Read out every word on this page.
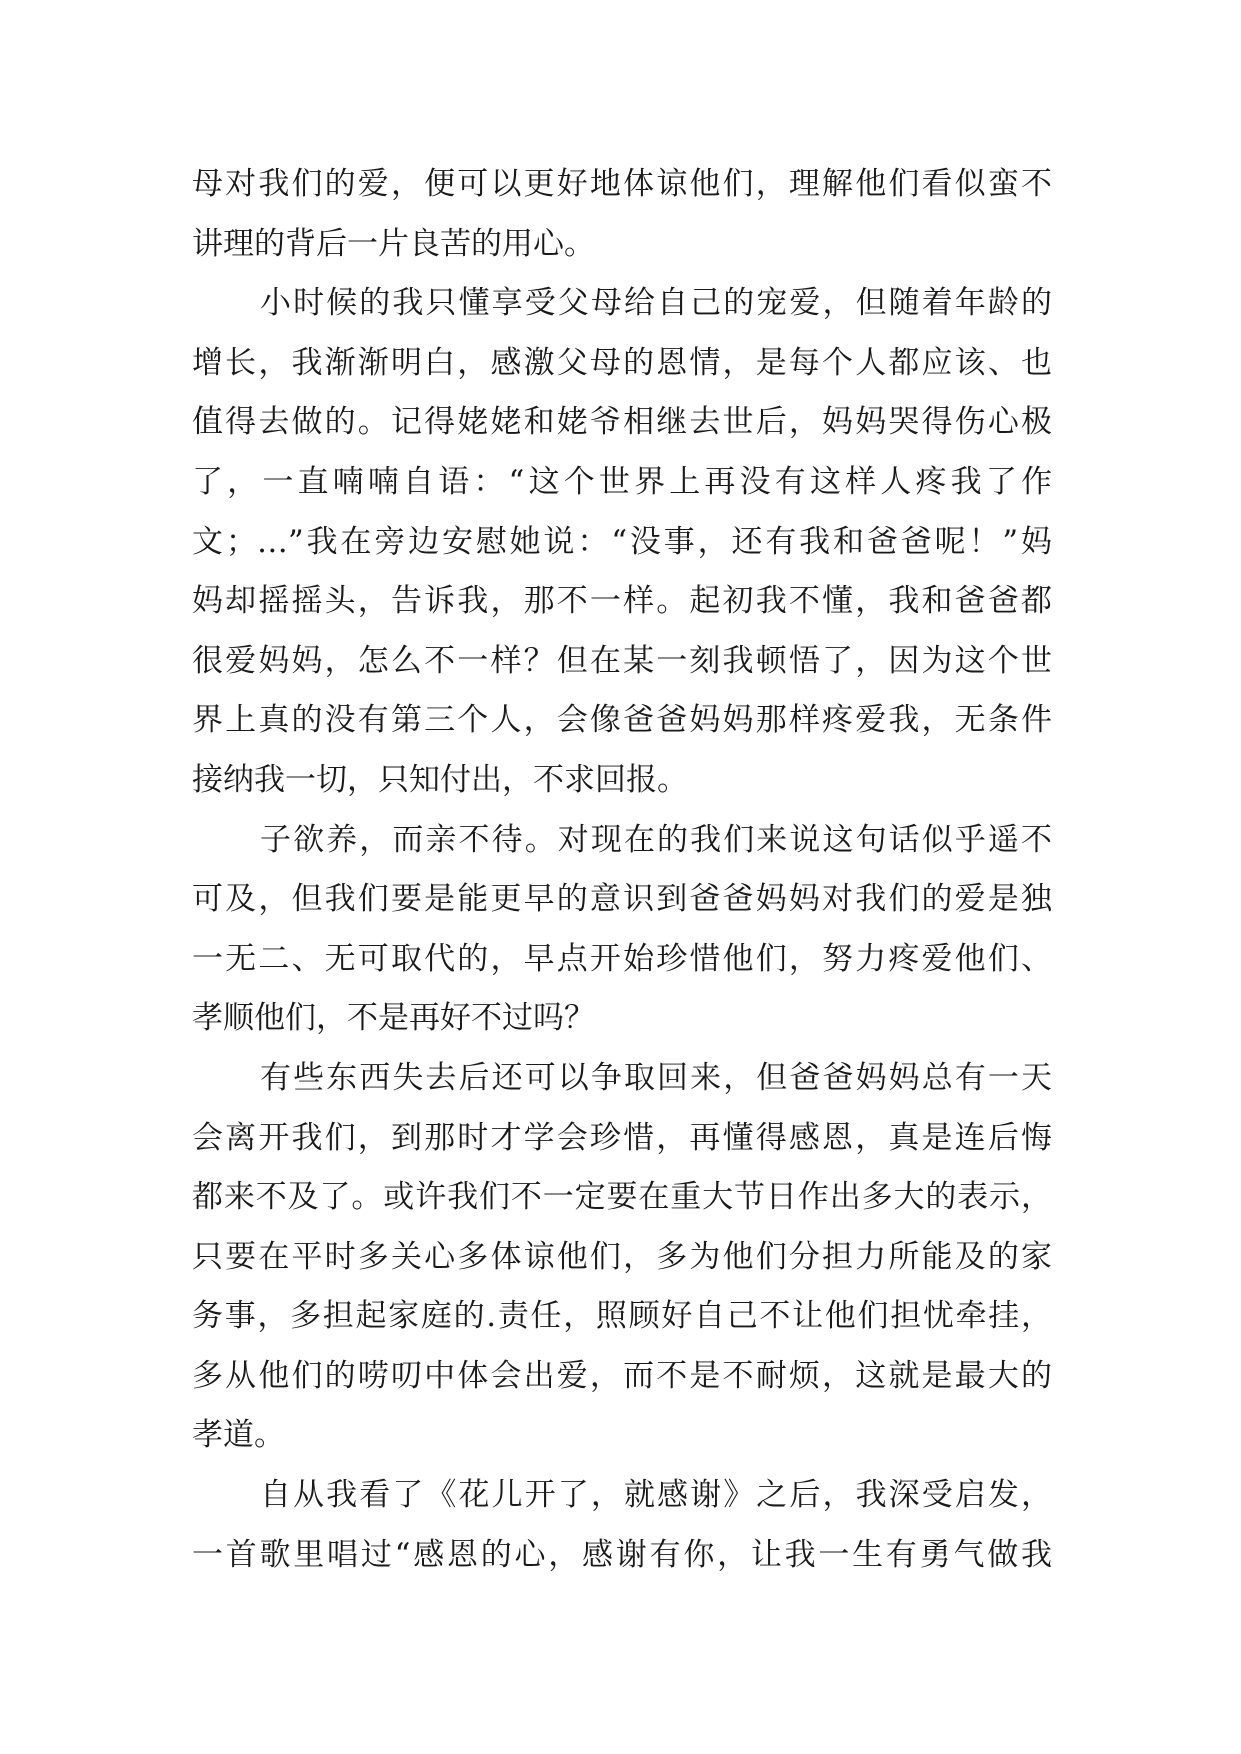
母对我们的爱，便可以更好地体谅他们，理解他们看似蛮不
讲理的背后一片良苦的用心。
小时候的我只懂享受父母给自己的宠爱，但随着年龄的
增长，我渐渐明白，感激父母的恩情，是每个人都应该、也
值得去做的。记得姥姥和姥爷相继去世后，妈妈哭得伤心极
了，一直喃喃自语：“这个世界上再没有这样人疼我了作
文；…”我在旁边安慰她说：“没事，还有我和爸爸呢！”妈
妈却摇摇头，告诉我，那不一样。起初我不懂，我和爸爸都
很爱妈妈，怎么不一样？但在某一刻我顿悟了，因为这个世
界上真的没有第三个人，会像爸爸妈妈那样疼爱我，无条件
接纳我一切，只知付出，不求回报。
子欲养，而亲不待。对现在的我们来说这句话似乎遥不
可及，但我们要是能更早的意识到爸爸妈妈对我们的爱是独
一无二、无可取代的，早点开始珍惜他们，努力疼爱他们、
孝顺他们，不是再好不过吗？
有些东西失去后还可以争取回来，但爸爸妈妈总有一天
会离开我们，到那时才学会珍惜，再懂得感恩，真是连后悔
都来不及了。或许我们不一定要在重大节日作出多大的表示，
只要在平时多关心多体谅他们，多为他们分担力所能及的家
务事，多担起家庭的.责任，照顾好自己不让他们担忧牵挂，
多从他们的唠叨中体会出爱，而不是不耐烦，这就是最大的
孝道。
自从我看了《花儿开了，就感谢》之后，我深受启发，
一首歌里唱过“感恩的心，感谢有你，让我一生有勇气做我
